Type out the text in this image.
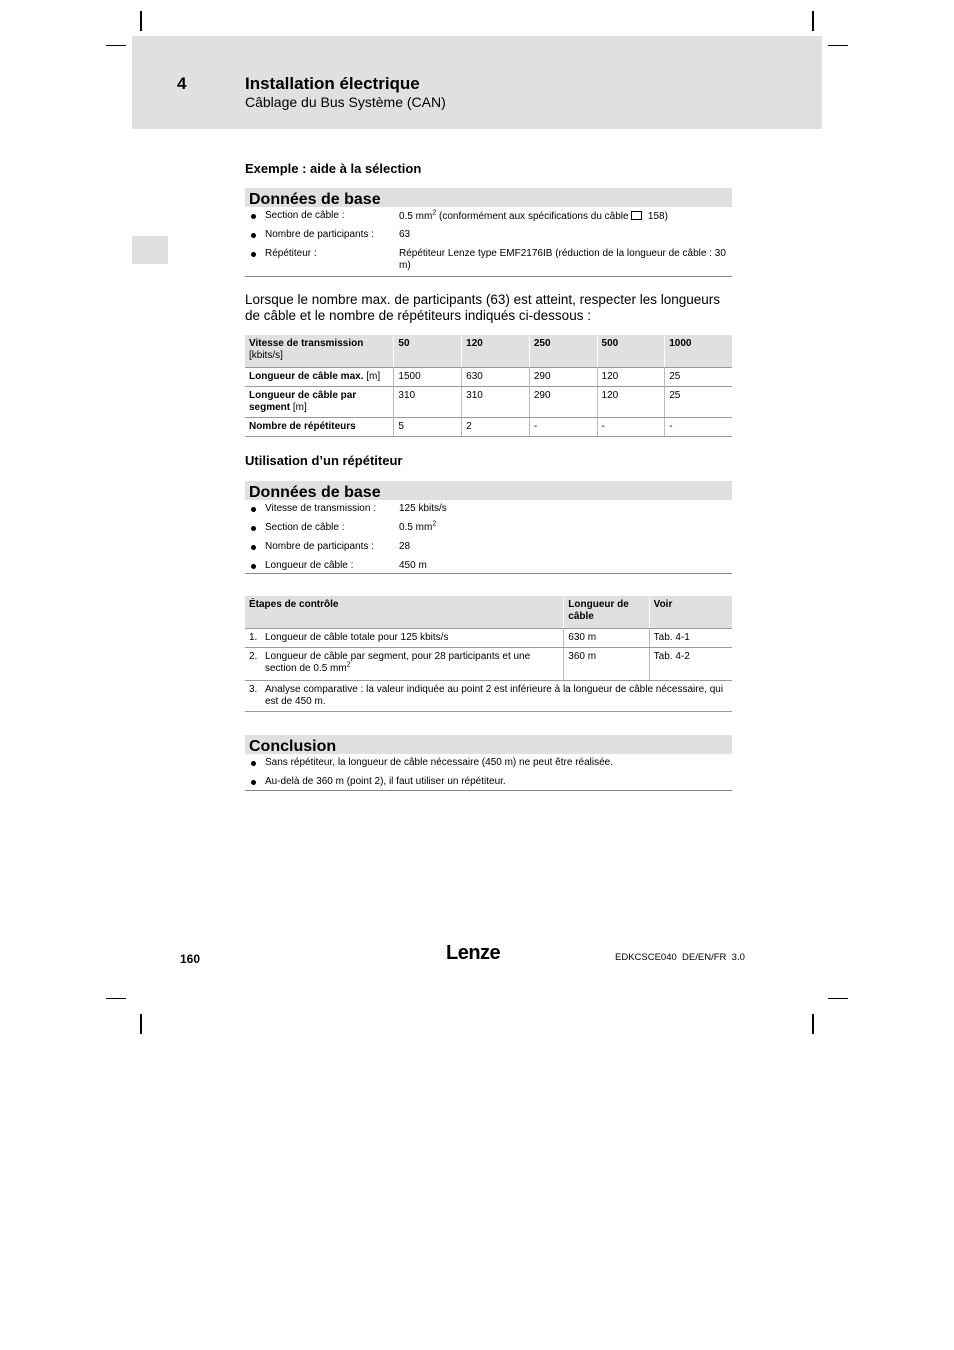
4	Installation électrique
Câblage du Bus Système (CAN)
Exemple : aide à la sélection
Données de base
Section de câble :	0.5 $mm^2$ (conformément aux spécifications du câble 158)
Nombre de participants :	63
Répétiteur :	Répétiteur Lenze type EMF2176IB (réduction de la longueur de câble : 30 m)
Lorsque le nombre max. de participants (63) est atteint, respecter les longueurs de câble et le nombre de répétiteurs indiqués ci-dessous :
Vitesse de transmission
[kbits/s]	50	120	250	500	1000
Longueur de câble max. [m]	1500	630	290	120	25
Longueur de câble par segment [m]	310	310	290	120	25
Nombre de répétiteurs	5	2	-	-	-
Utilisation d’un répétiteur
Données de base
Vitesse de transmission : 125 kbits/s
Section de câble :	0.5 $mm^2$
Nombre de participants :	28
Longueur de câble :	450 m
Étapes de contrôle	Longueur de câble	Voir
1. Longueur de câble totale pour 125 kbits/s	630 m	Tab. 4-1

2. Longueur de câble par segment, pour 28 participants et une section de 0.5 $mm^2$	360 m	Tab. 4-2

3. Analyse comparative : la valeur indiquée au point 2 est inférieure à la longueur de câble nécessaire, qui est de 450 m.		
Conclusion
Sans répétiteur, la longueur de câble nécessaire (450 m) ne peut être réalisée.
Au-delà de 360 m (point 2), il faut utiliser un répétiteur.
160	Lenze	EDKCSCE040  DE/EN/FR  3.0
